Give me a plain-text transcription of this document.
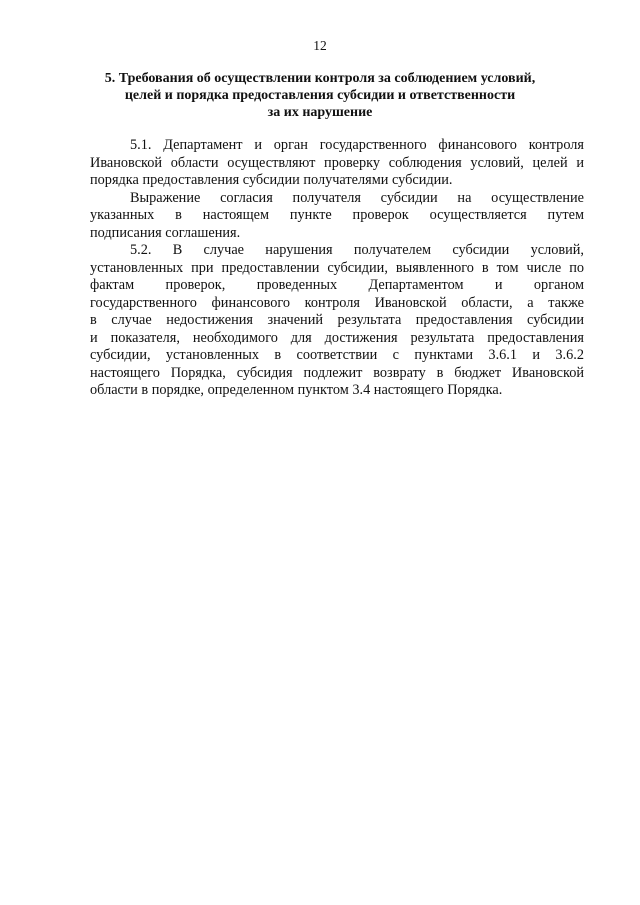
12
5. Требования об осуществлении контроля за соблюдением условий,
целей и порядка предоставления субсидии и ответственности
за их нарушение

5.1. Департамент и орган государственного финансового контроля
Ивановской области осуществляют проверку соблюдения условий, целей и
порядка предоставления субсидии получателями субсидии.

Выражение согласия получателя субсидии на осуществление
указанных в настоящем пункте проверок осуществляется путем
подписания соглашения.

5.2. В случае нарушения получателем субсидии условий,
установленных при предоставлении субсидии, выявленного в том числе по
фактам проверок, проведенных Департаментом и органом
государственного финансового контроля Ивановской области, а также
в случае недостижения значений результата предоставления субсидии
и показателя, необходимого для достижения результата предоставления
субсидии, установленных в соответствии с пунктами 3.6.1 и 3.6.2
настоящего Порядка, субсидия подлежит возврату в бюджет Ивановской
области в порядке, определенном пунктом 3.4 настоящего Порядка.
